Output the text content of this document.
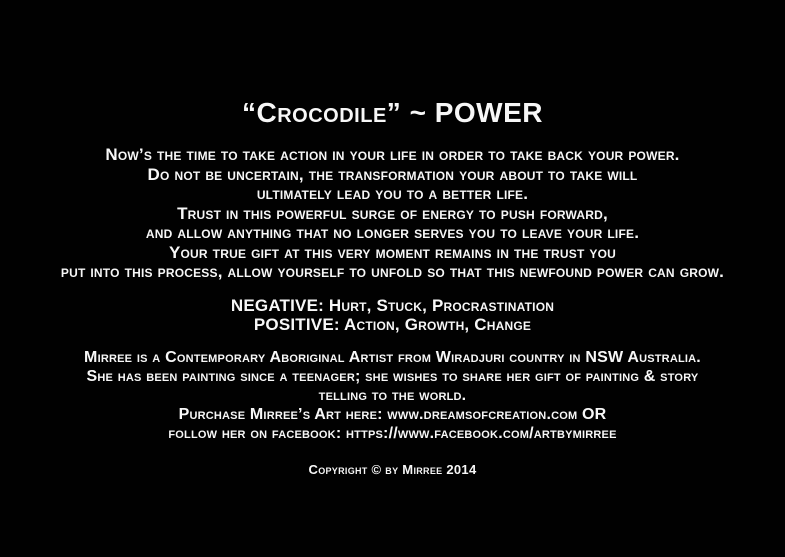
“Crocodile” ~ POWER
Now’s the time to take action in your life in order to take back your power.
Do not be uncertain, the transformation your about to take will
ultimately lead you to a better life.
Trust in this powerful surge of energy to push forward,
and allow anything that no longer serves you to leave your life.
Your true gift at this very moment remains in the trust you
put into this process, allow yourself to unfold so that this newfound power can grow.
NEGATIVE: Hurt, Stuck, Procrastination
POSITIVE: Action, Growth, Change
Mirree is a Contemporary Aboriginal Artist from Wiradjuri country in NSW Australia.
She has been painting since a teenager; she wishes to share her gift of painting & story
telling to the world.
Purchase Mirree’s Art here: www.dreamsofcreation.com OR
follow her on facebook: https://www.facebook.com/artbymirree
Copyright © by Mirree 2014
